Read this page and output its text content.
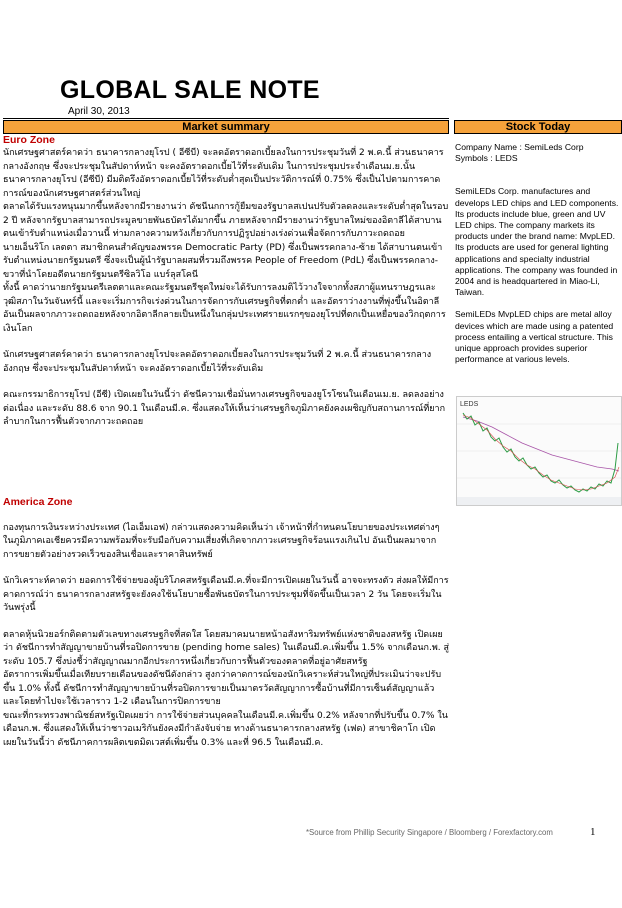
GLOBAL SALE NOTE
April 30, 2013
Market summary	Stock Today

Euro Zone

นักเศรษฐศาสตร์คาดว่า ธนาคารกลางยุโรป ( อีซีบี) จะลดอัตราดอกเบี้ยลงในการประชุมวันที่ 2 พ.ค.นี้ ส่วนธนาคารกลางอังกฤษ ซึ่งจะประชุมในสัปดาห์หน้า จะคงอัตราดอกเบี้ยไว้ที่ระดับเดิม ในการประชุมประจำเดือนม.ย.นั้น ธนาคารกลางยุโรป (อีซีบี) มีมติตรึงอัตราดอกเบี้ยไว้ที่ระดับต่ำสุดเป็นประวัติการณ์ที่ 0.75% ซึ่งเป็นไปตามการคาดการณ์ของนักเศรษฐศาสตร์ส่วนใหญ่
ตลาดได้รับแรงหนุนมากขึ้นหลังจากมีรายงานว่า ดัชนีนกการกู้ยืมของรัฐบาลสเปนปรับตัวลดลงและระดับต่ำสุดในรอบ 2 ปี หลังจากรัฐบาลสามารถประมูลขายพันธบัตรได้มากขึ้น ภายหลังจากมีรายงานว่ารัฐบาลใหม่ของอิตาลีได้สาบานตนเข้ารับตำแหน่งเมื่อวานนี้ ท่ามกลางความหวังเกี่ยวกับการปฏิรูปอย่างเร่งด่วนเพื่อจัดการกับภาวะถดถอย
นายเอ็นริโก เลตตา สมาชิกคนสำคัญของพรรค Democratic Party (PD) ซึ่งเป็นพรรคกลาง-ซ้าย ได้สาบานตนเข้ารับตำแหน่งนายกรัฐมนตรี ซึ่งจะเป็นผู้นำรัฐบาลผสมที่รวมถึงพรรค People of Freedom (PdL) ซึ่งเป็นพรรคกลาง-ขวาที่นำโดยอดีตนายกรัฐมนตรีซิลวิโอ แบร์ลุสโคนี
ทั้งนี้ คาดว่านายกรัฐมนตรีเลตตาและคณะรัฐมนตรีชุดใหม่จะได้รับการลงมติไว้วางใจจากทั้งสภาผู้แทนราษฎรและวุฒิสภาในวันจันทร์นี้ และจะเริ่มการกิจเร่งด่วนในการจัดการกับเศรษฐกิจที่ตกต่ำ และอัตราว่างงานที่พุ่งขึ้นในอิตาลี อันเป็นผลจากภาวะถดถอยหลังจากอิตาลีกลายเป็นหนึ่งในกลุ่มประเทศรายแรกๆของยุโรปที่ตกเป็นเหยื่อของวิกฤตการเงินโลก

นักเศรษฐศาสตร์คาดว่า ธนาคารกลางยุโรปจะลดอัตราดอกเบี้ยลงในการประชุมวันที่ 2 พ.ค.นี้ ส่วนธนาคารกลางอังกฤษ ซึ่งจะประชุมในสัปดาห์หน้า จะคงอัตราดอกเบี้ยไว้ที่ระดับเดิม

คณะกรรมาธิการยุโรป (อีซี) เปิดเผยในวันนี้ว่า ดัชนีความเชื่อมั่นทางเศรษฐกิจของยูโรโซนในเดือนเม.ย. ลดลงอย่างต่อเนื่อง และระดับ 88.6 จาก 90.1 ในเดือนมี.ค. ซึ่งแสดงให้เห็นว่าเศรษฐกิจภูมิภาคยังคงเผชิญกับสถานการณ์ที่ยากลำบากในการฟื้นตัวจากภาวะถดถอย

America Zone

กองทุนการเงินระหว่างประเทศ (ไอเอ็มเอฟ) กล่าวแสดงความคิดเห็นว่า เจ้าหน้าที่กำหนดนโยบายของประเทศต่างๆในภูมิภาคเอเชียควรมีความพร้อมที่จะรับมือกับความเสี่ยงที่เกิดจากภาวะเศรษฐกิจร้อนแรงเกินไป อันเป็นผลมาจากการขยายตัวอย่างรวดเร็วของสินเชื่อและราคาสินทรัพย์

นักวิเคราะห์คาดว่า ยอดการใช้จ่ายของผู้บริโภคสหรัฐเดือนมี.ค.ที่จะมีการเปิดเผยในวันนี้ อาจจะทรงตัว ส่งผลให้มีการคาดการณ์ว่า ธนาคารกลางสหรัฐจะยังคงใช้นโยบายซื้อพันธบัตรในการประชุมที่จัดขึ้นเป็นเวลา 2 วัน โดยจะเริ่มในวันพรุ่งนี้

ตลาดหุ้นนิวยอร์กติดตามตัวเลขทางเศรษฐกิจที่สดใส โดยสมาคมนายหน้าอสังหาริมทรัพย์แห่งชาติของสหรัฐ เปิดเผยว่า ดัชนีการทำสัญญาขายบ้านที่รอปิดการขาย (pending home sales) ในเดือนมี.ค.เพิ่มขึ้น 1.5% จากเดือนก.พ. สู่ระดับ 105.7 ซึ่งบ่งชี้ว่าสัญญาณมากอีกประการหนึ่งเกี่ยวกับการฟื้นตัวของตลาดที่อยู่อาศัยสหรัฐ
อัตราการเพิ่มขึ้นเมื่อเทียบรายเดือนของดัชนีดังกล่าว สูงกว่าคาดการณ์ของนักวิเคราะห์ส่วนใหญ่ที่ประเมินว่าจะปรับขึ้น 1.0% ทั้งนี้ ดัชนีการทำสัญญาขายบ้านที่รอปิดการขายเป็นมาตรวัดสัญญาการซื้อบ้านที่มีการเซ็นต์สัญญาแล้ว และโดยทำไปจะใช้เวลาราว 1-2 เดือนในการปิดการขาย
ขณะที่กระทรวงพาณิชย์สหรัฐเปิดเผยว่า การใช้จ่ายส่วนบุคคลในเดือนมี.ค.เพิ่มขึ้น 0.2% หลังจากที่ปรับขึ้น 0.7% ในเดือนก.พ. ซึ่งแสดงให้เห็นว่าชาวอเมริกันยังคงมีกำลังจับจ่าย ทางด้านธนาคารกลางสหรัฐ (เฟด) สาขาชิคาโก เปิดเผยในวันนี้ว่า ดัชนีภาคการผลิตเขตมิดเวสต์เพิ่มขึ้น 0.3% และที่ 96.5 ในเดือนมี.ค.

Company Name : SemiLeds Corp

Symbols : LEDS

SemiLEDs Corp. manufactures and develops LED chips and LED components. Its products include blue, green and UV LED chips. The company markets its products under the brand name: MvpLED. Its products are used for general lighting applications and specialty industrial applications. The company was founded in 2004 and is headquartered in Miao-Li, Taiwan.

SemiLEDs MvpLED chips are metal alloy devices which are made using a patented process entailing a vertical structure. This unique approach provides superior performance at various levels.

LEDS
*Source from Phillip Security Singapore / Bloomberg / Forexfactory.com	1
